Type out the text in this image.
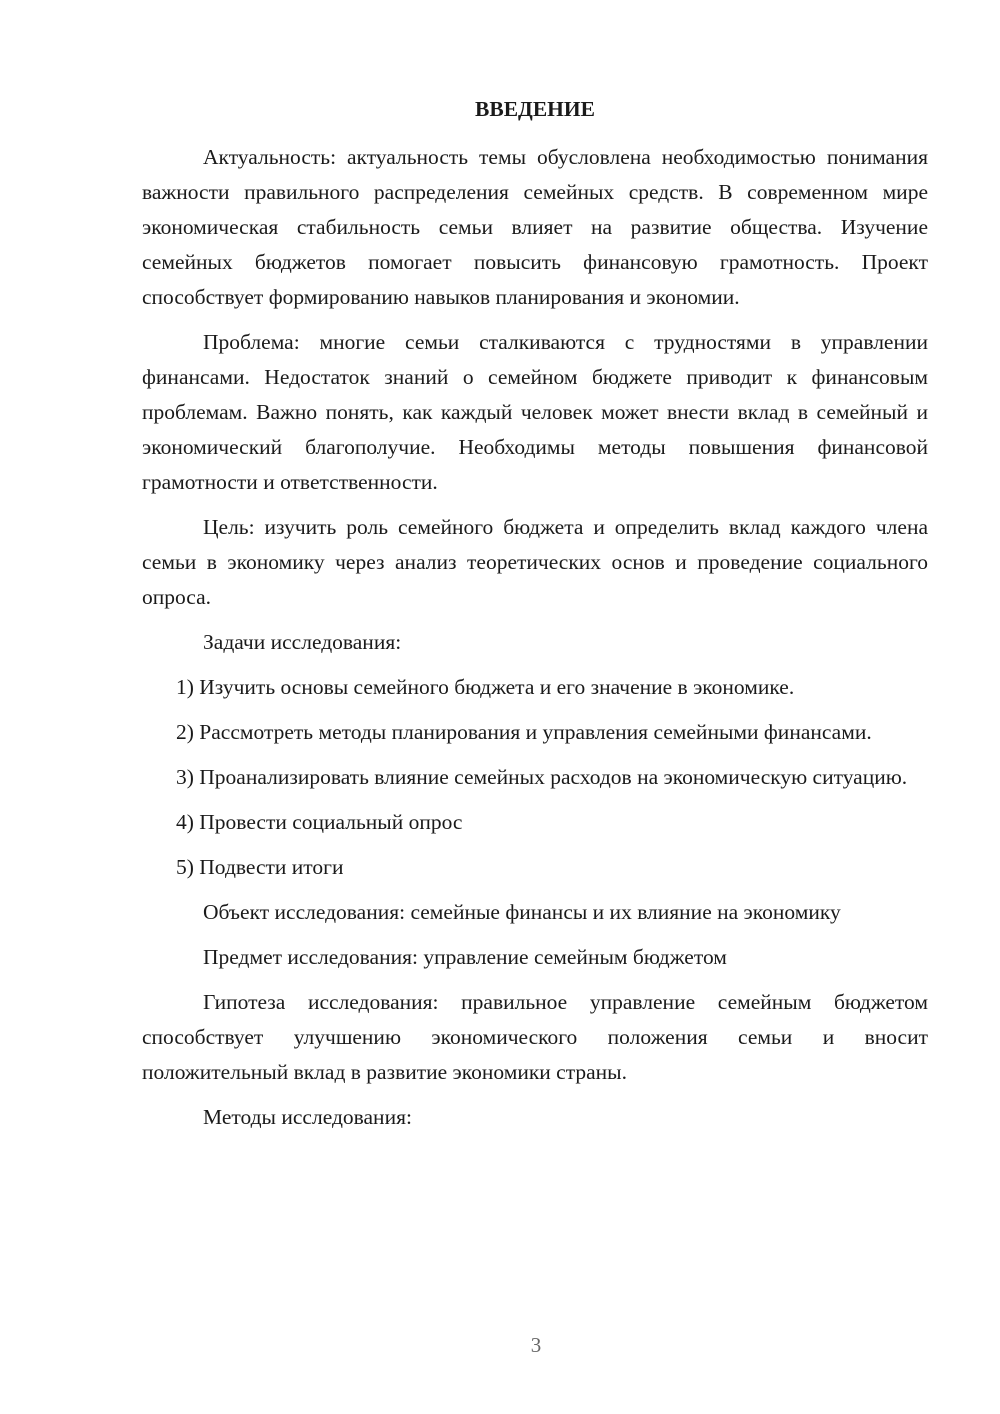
ВВЕДЕНИЕ

Актуальность: актуальность темы обусловлена необходимостью понимания важности правильного распределения семейных средств. В современном мире экономическая стабильность семьи влияет на развитие общества. Изучение семейных бюджетов помогает повысить финансовую грамотность. Проект способствует формированию навыков планирования и экономии.

Проблема: многие семьи сталкиваются с трудностями в управлении финансами. Недостаток знаний о семейном бюджете приводит к финансовым проблемам. Важно понять, как каждый человек может внести вклад в семейный и экономический благополучие. Необходимы методы повышения финансовой грамотности и ответственности.

Цель: изучить роль семейного бюджета и определить вклад каждого члена семьи в экономику через анализ теоретических основ и проведение социального опроса.

Задачи исследования:

1) Изучить основы семейного бюджета и его значение в экономике.

2) Рассмотреть методы планирования и управления семейными финансами.

3) Проанализировать влияние семейных расходов на экономическую ситуацию.

4) Провести социальный опрос

5) Подвести итоги

Объект исследования: семейные финансы и их влияние на экономику

Предмет исследования: управление семейным бюджетом

Гипотеза исследования: правильное управление семейным бюджетом способствует улучшению экономического положения семьи и вносит положительный вклад в развитие экономики страны.

Методы исследования:

3
